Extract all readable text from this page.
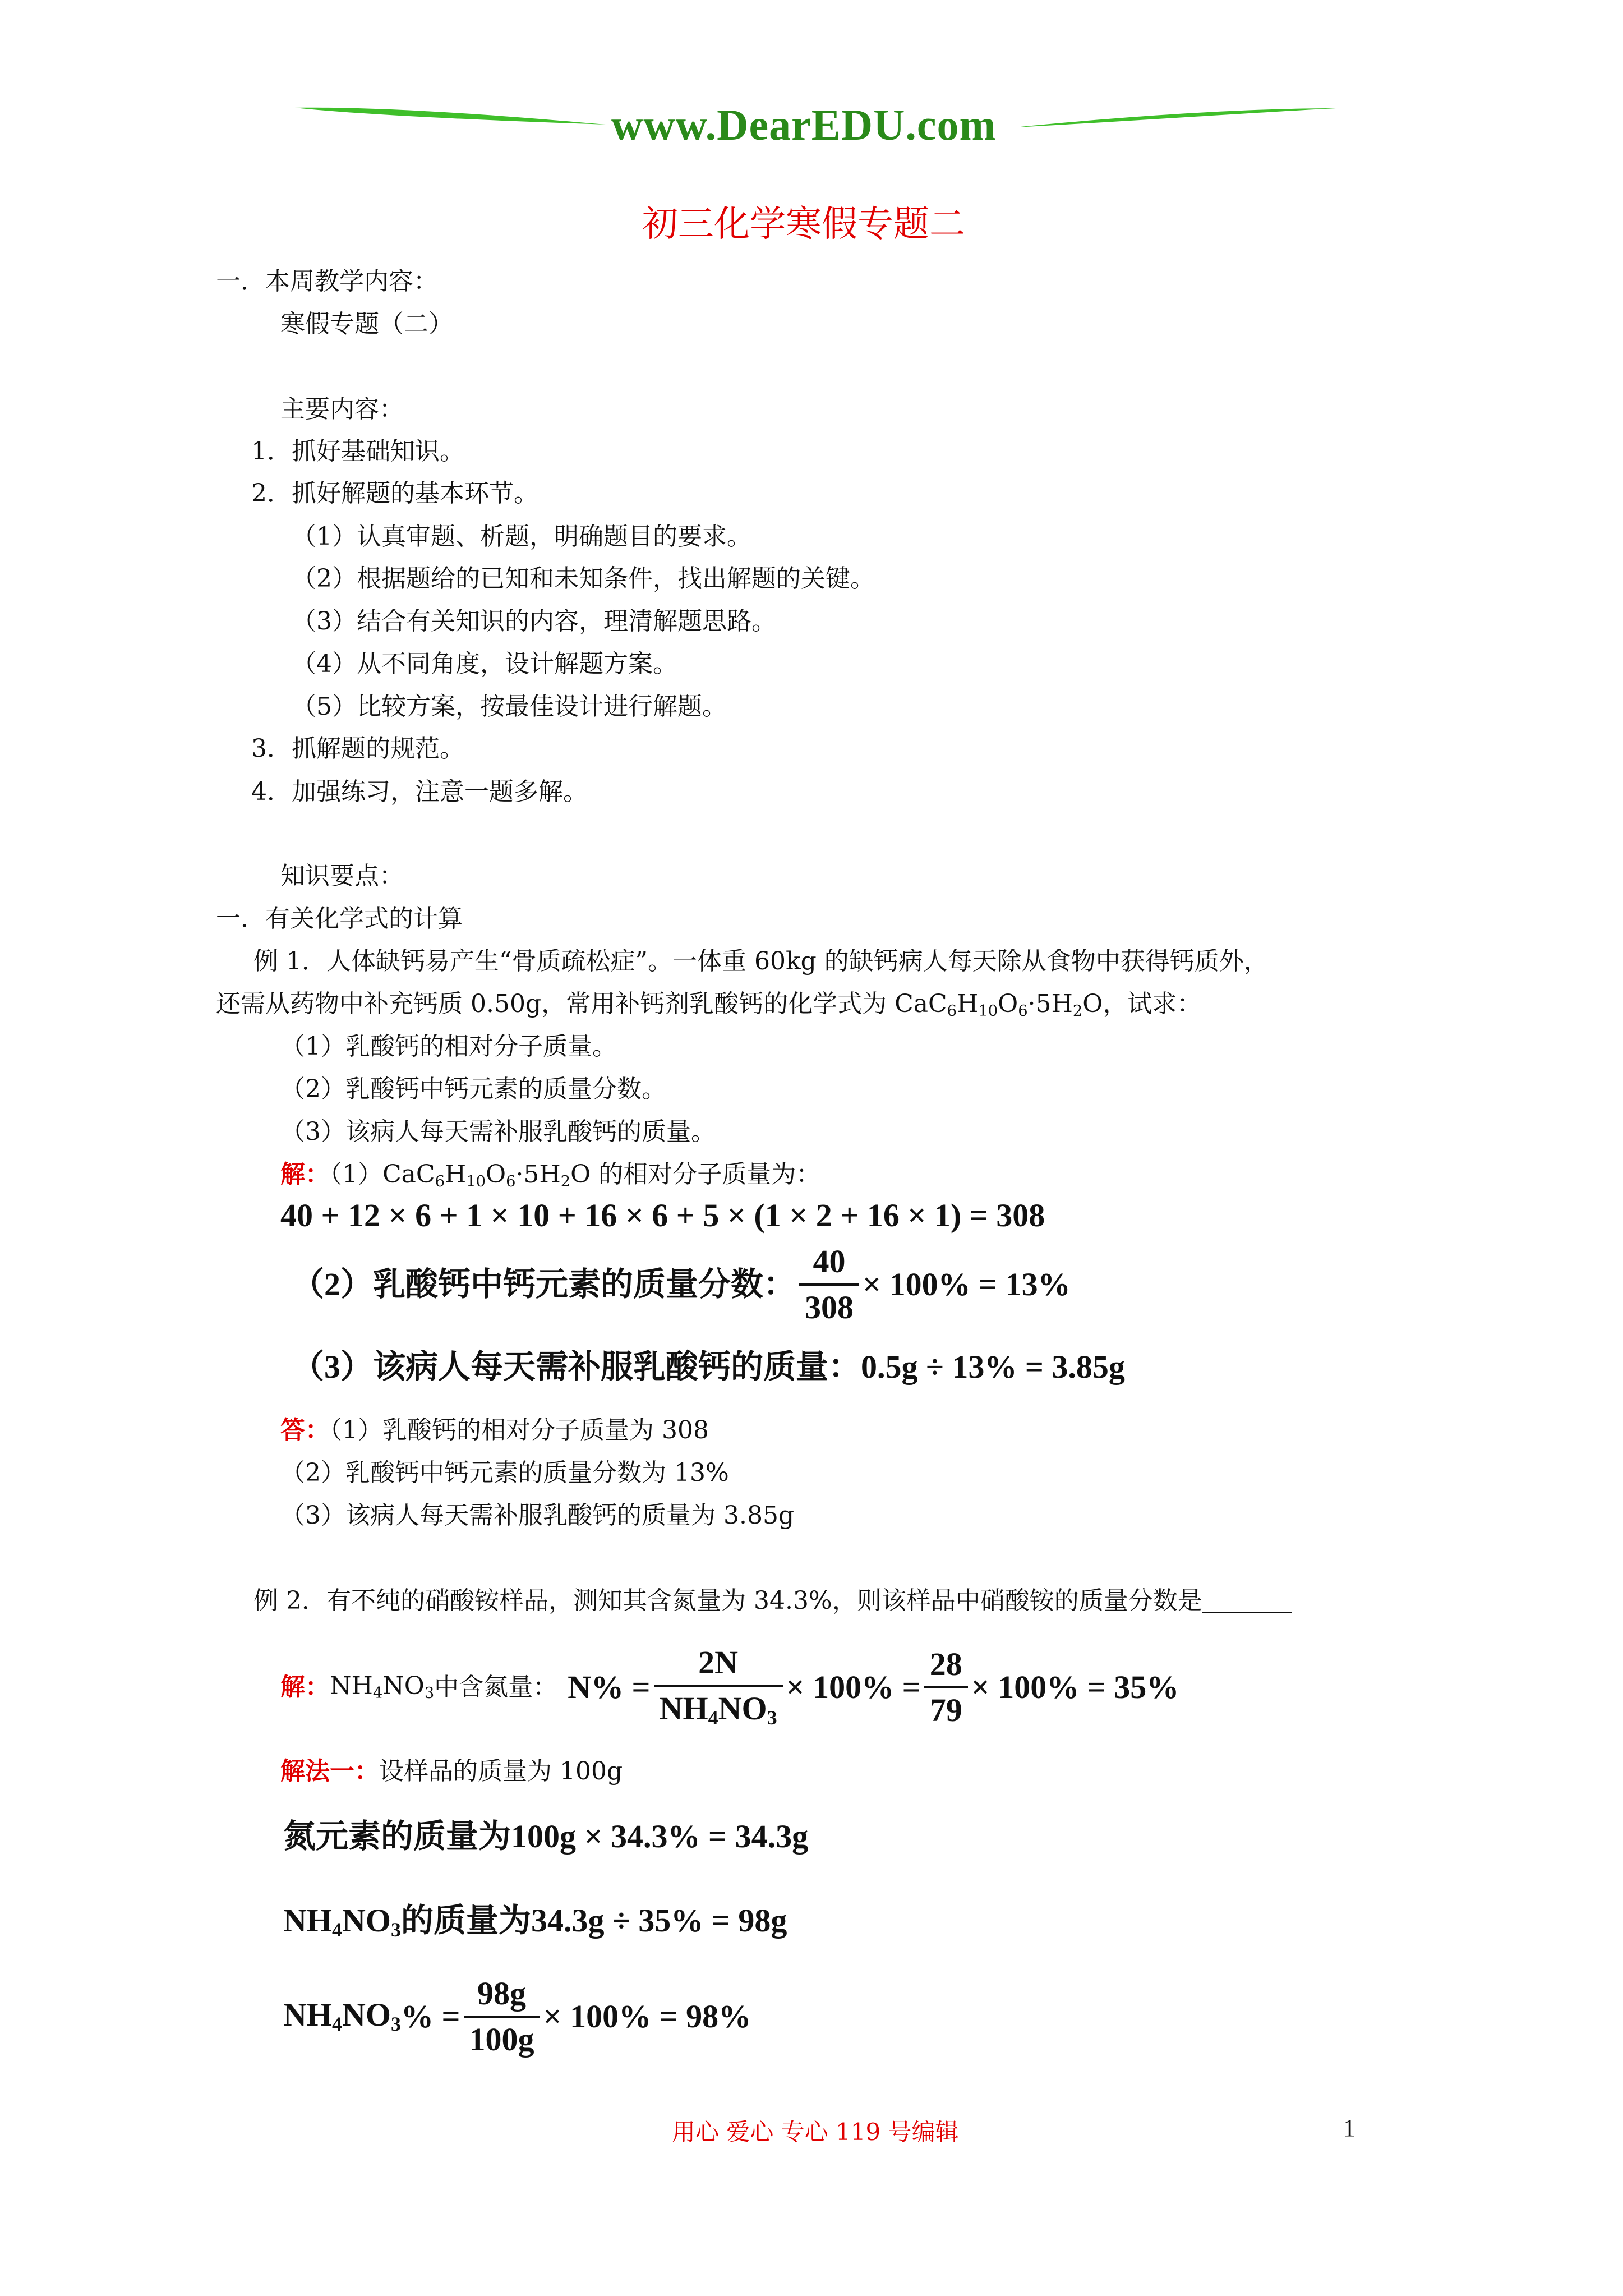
www.DearEDU.com
初三化学寒假专题二
一．本周教学内容：
寒假专题（二）
主要内容：
1．抓好基础知识。
2．抓好解题的基本环节。
（1）认真审题、析题，明确题目的要求。
（2）根据题给的已知和未知条件，找出解题的关键。
（3）结合有关知识的内容，理清解题思路。
（4）从不同角度，设计解题方案。
（5）比较方案，按最佳设计进行解题。
3．抓解题的规范。
4．加强练习，注意一题多解。
知识要点：
一．有关化学式的计算
例 1．人体缺钙易产生“骨质疏松症”。一体重 60kg 的缺钙病人每天除从食物中获得钙质外，
还需从药物中补充钙质 0.50g，常用补钙剂乳酸钙的化学式为 $CaC_6H_{10}O_6\cdot 5H_2O$，试求：
（1）乳酸钙的相对分子质量。
（2）乳酸钙中钙元素的质量分数。
（3）该病人每天需补服乳酸钙的质量。
解：$(1)CaC_6H_{10}O_6\cdot 5H_2O$ 的相对分子质量为：
40 + 12 × 6 + 1 × 10 + 16 × 6 + 5 × (1 × 2 + 16 × 1) = 308
（2）乳酸钙中钙元素的质量分数： $\frac{40}{308} \times 100\% = 13\%$
（3）该病人每天需补服乳酸钙的质量：0.5g ÷ 13% = 3.85g
答：（1）乳酸钙的相对分子质量为 308
（2）乳酸钙中钙元素的质量分数为 13%
（3）该病人每天需补服乳酸钙的质量为 3.85g
例 2．有不纯的硝酸铵样品，测知其含氮量为 34.3%，则该样品中硝酸铵的质量分数是
解： $NH_4NO_3$ 中含氮量： $N\% = \frac{2N}{NH_4NO_3} \times 100\% = \frac{28}{79} \times 100\% = 35\%$
解法一：设样品的质量为 100g
氮元素的质量为100g × 34.3% = 34.3g
$NH_4NO_3$的质量为34.3g ÷ 35% = 98g
$NH_4NO_3$ % = $\frac{98g}{100g} \times 100\% = 98\%$
用心 爱心 专心 119 号编辑	1
